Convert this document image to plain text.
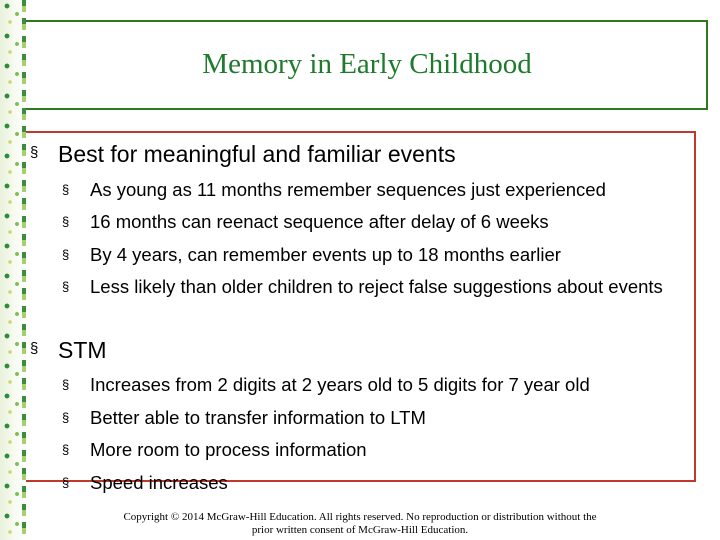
Memory in Early Childhood
§ Best for meaningful and familiar events
§ As young as 11 months remember sequences just experienced
§ 16 months can reenact sequence after delay of 6 weeks
§ By 4 years, can remember events up to 18 months earlier
§ Less likely than older children to reject false suggestions about events
§ STM
§ Increases from 2 digits at 2 years old to 5 digits for 7 year old
§ Better able to transfer information to LTM
§ More room to process information
§ Speed increases
Copyright © 2014 McGraw-Hill Education. All rights reserved. No reproduction or distribution without the
prior written consent of McGraw-Hill Education.
